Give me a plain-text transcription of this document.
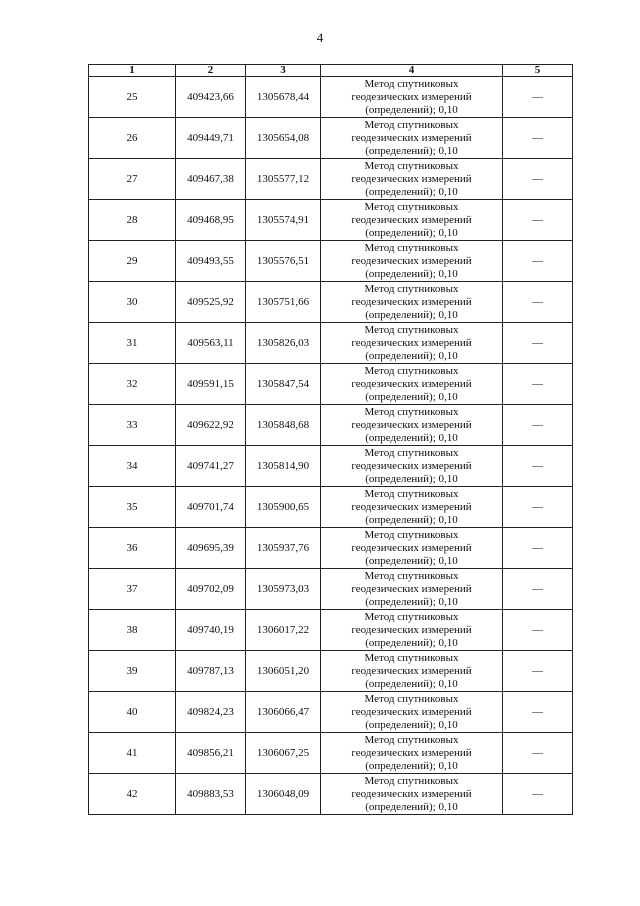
4
1	2	3	4	5
25	409423,66	1305678,44	Метод спутниковых
геодезических измерений
(определений); 0,10	—
26	409449,71	1305654,08	Метод спутниковых
геодезических измерений
(определений); 0,10	—
27	409467,38	1305577,12	Метод спутниковых
геодезических измерений
(определений); 0,10	—
28	409468,95	1305574,91	Метод спутниковых
геодезических измерений
(определений); 0,10	—
29	409493,55	1305576,51	Метод спутниковых
геодезических измерений
(определений); 0,10	—
30	409525,92	1305751,66	Метод спутниковых
геодезических измерений
(определений); 0,10	—
31	409563,11	1305826,03	Метод спутниковых
геодезических измерений
(определений); 0,10	—
32	409591,15	1305847,54	Метод спутниковых
геодезических измерений
(определений); 0,10	—
33	409622,92	1305848,68	Метод спутниковых
геодезических измерений
(определений); 0,10	—
34	409741,27	1305814,90	Метод спутниковых
геодезических измерений
(определений); 0,10	—
35	409701,74	1305900,65	Метод спутниковых
геодезических измерений
(определений); 0,10	—
36	409695,39	1305937,76	Метод спутниковых
геодезических измерений
(определений); 0,10	—
37	409702,09	1305973,03	Метод спутниковых
геодезических измерений
(определений); 0,10	—
38	409740,19	1306017,22	Метод спутниковых
геодезических измерений
(определений); 0,10	—
39	409787,13	1306051,20	Метод спутниковых
геодезических измерений
(определений); 0,10	—
40	409824,23	1306066,47	Метод спутниковых
геодезических измерений
(определений); 0,10	—
41	409856,21	1306067,25	Метод спутниковых
геодезических измерений
(определений); 0,10	—
42	409883,53	1306048,09	Метод спутниковых
геодезических измерений
(определений); 0,10	—
